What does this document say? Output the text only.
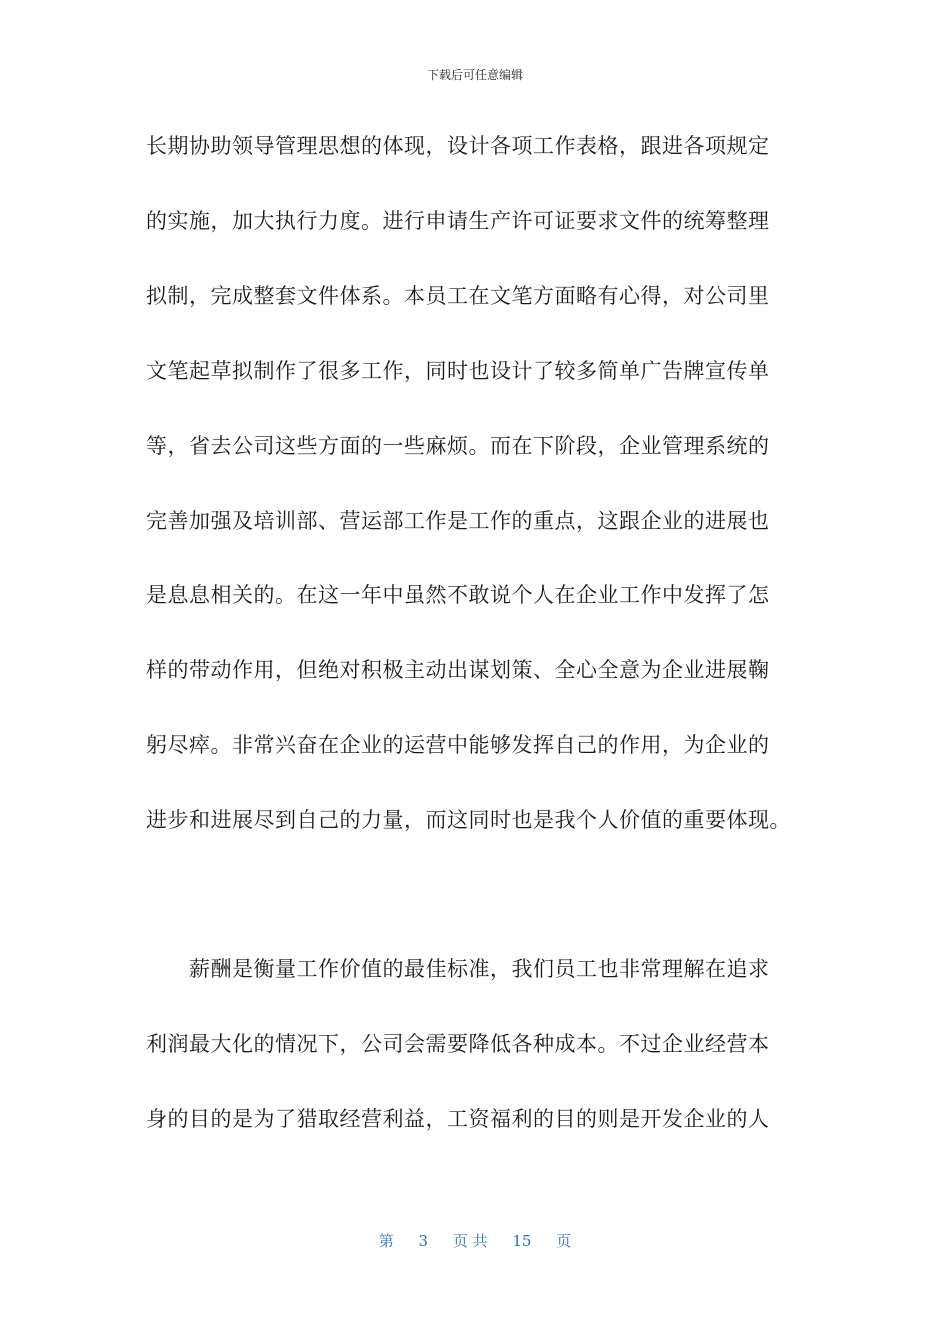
下载后可任意编辑
长期协助领导管理思想的体现，设计各项工作表格，跟进各项规定
的实施，加大执行力度。进行申请生产许可证要求文件的统筹整理
拟制，完成整套文件体系。本员工在文笔方面略有心得，对公司里
文笔起草拟制作了很多工作，同时也设计了较多简单广告牌宣传单
等，省去公司这些方面的一些麻烦。而在下阶段，企业管理系统的
完善加强及培训部、营运部工作是工作的重点，这跟企业的进展也
是息息相关的。在这一年中虽然不敢说个人在企业工作中发挥了怎
样的带动作用，但绝对积极主动出谋划策、全心全意为企业进展鞠
躬尽瘁。非常兴奋在企业的运营中能够发挥自己的作用，为企业的
进步和进展尽到自己的力量，而这同时也是我个人价值的重要体现。
　　薪酬是衡量工作价值的最佳标准，我们员工也非常理解在追求
利润最大化的情况下，公司会需要降低各种成本。不过企业经营本
身的目的是为了猎取经营利益，工资福利的目的则是开发企业的人
第 3 页 共 15 页
